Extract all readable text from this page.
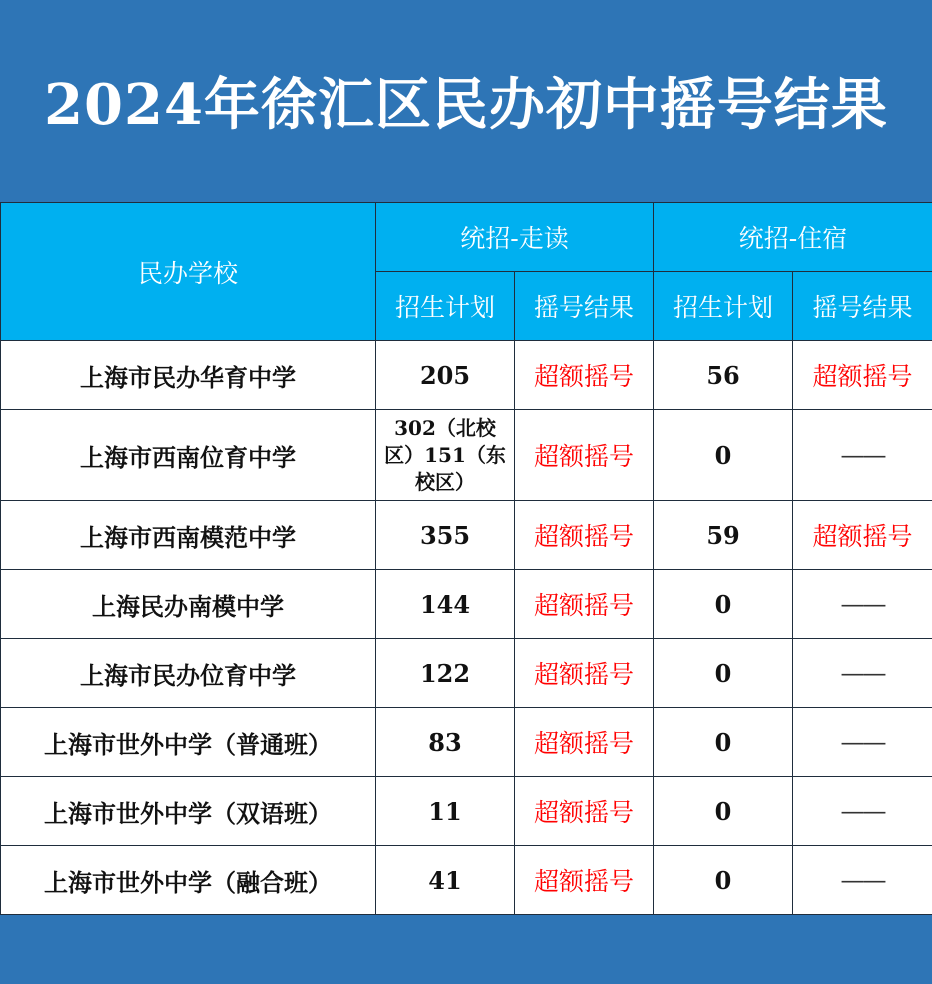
2024年徐汇区民办初中摇号结果
民办学校	统招-走读		统招-住宿	
	招生计划	摇号结果	招生计划	摇号结果
上海市民办华育中学	205	超额摇号	56	超额摇号
上海市西南位育中学	302（北校区）151（东校区）	超额摇号	0	——
上海市西南模范中学	355	超额摇号	59	超额摇号
上海民办南模中学	144	超额摇号	0	——
上海市民办位育中学	122	超额摇号	0	——
上海市世外中学（普通班）	83	超额摇号	0	——
上海市世外中学（双语班）	11	超额摇号	0	——
上海市世外中学（融合班）	41	超额摇号	0	——
